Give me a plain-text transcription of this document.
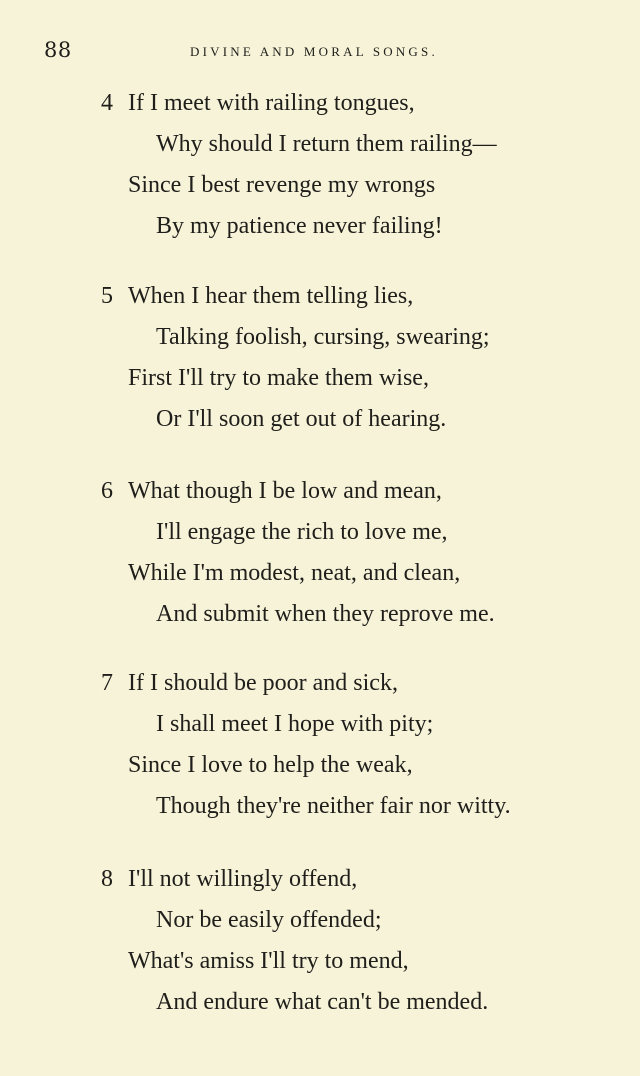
88	DIVINE AND MORAL SONGS.
4 If I meet with railing tongues,
Why should I return them railing—
Since I best revenge my wrongs
By my patience never failing!
5 When I hear them telling lies,
Talking foolish, cursing, swearing;
First I'll try to make them wise,
Or I'll soon get out of hearing.
6 What though I be low and mean,
I'll engage the rich to love me,
While I'm modest, neat, and clean,
And submit when they reprove me.
7 If I should be poor and sick,
I shall meet I hope with pity;
Since I love to help the weak,
Though they're neither fair nor witty.
8 I'll not willingly offend,
Nor be easily offended;
What's amiss I'll try to mend,
And endure what can't be mended.
